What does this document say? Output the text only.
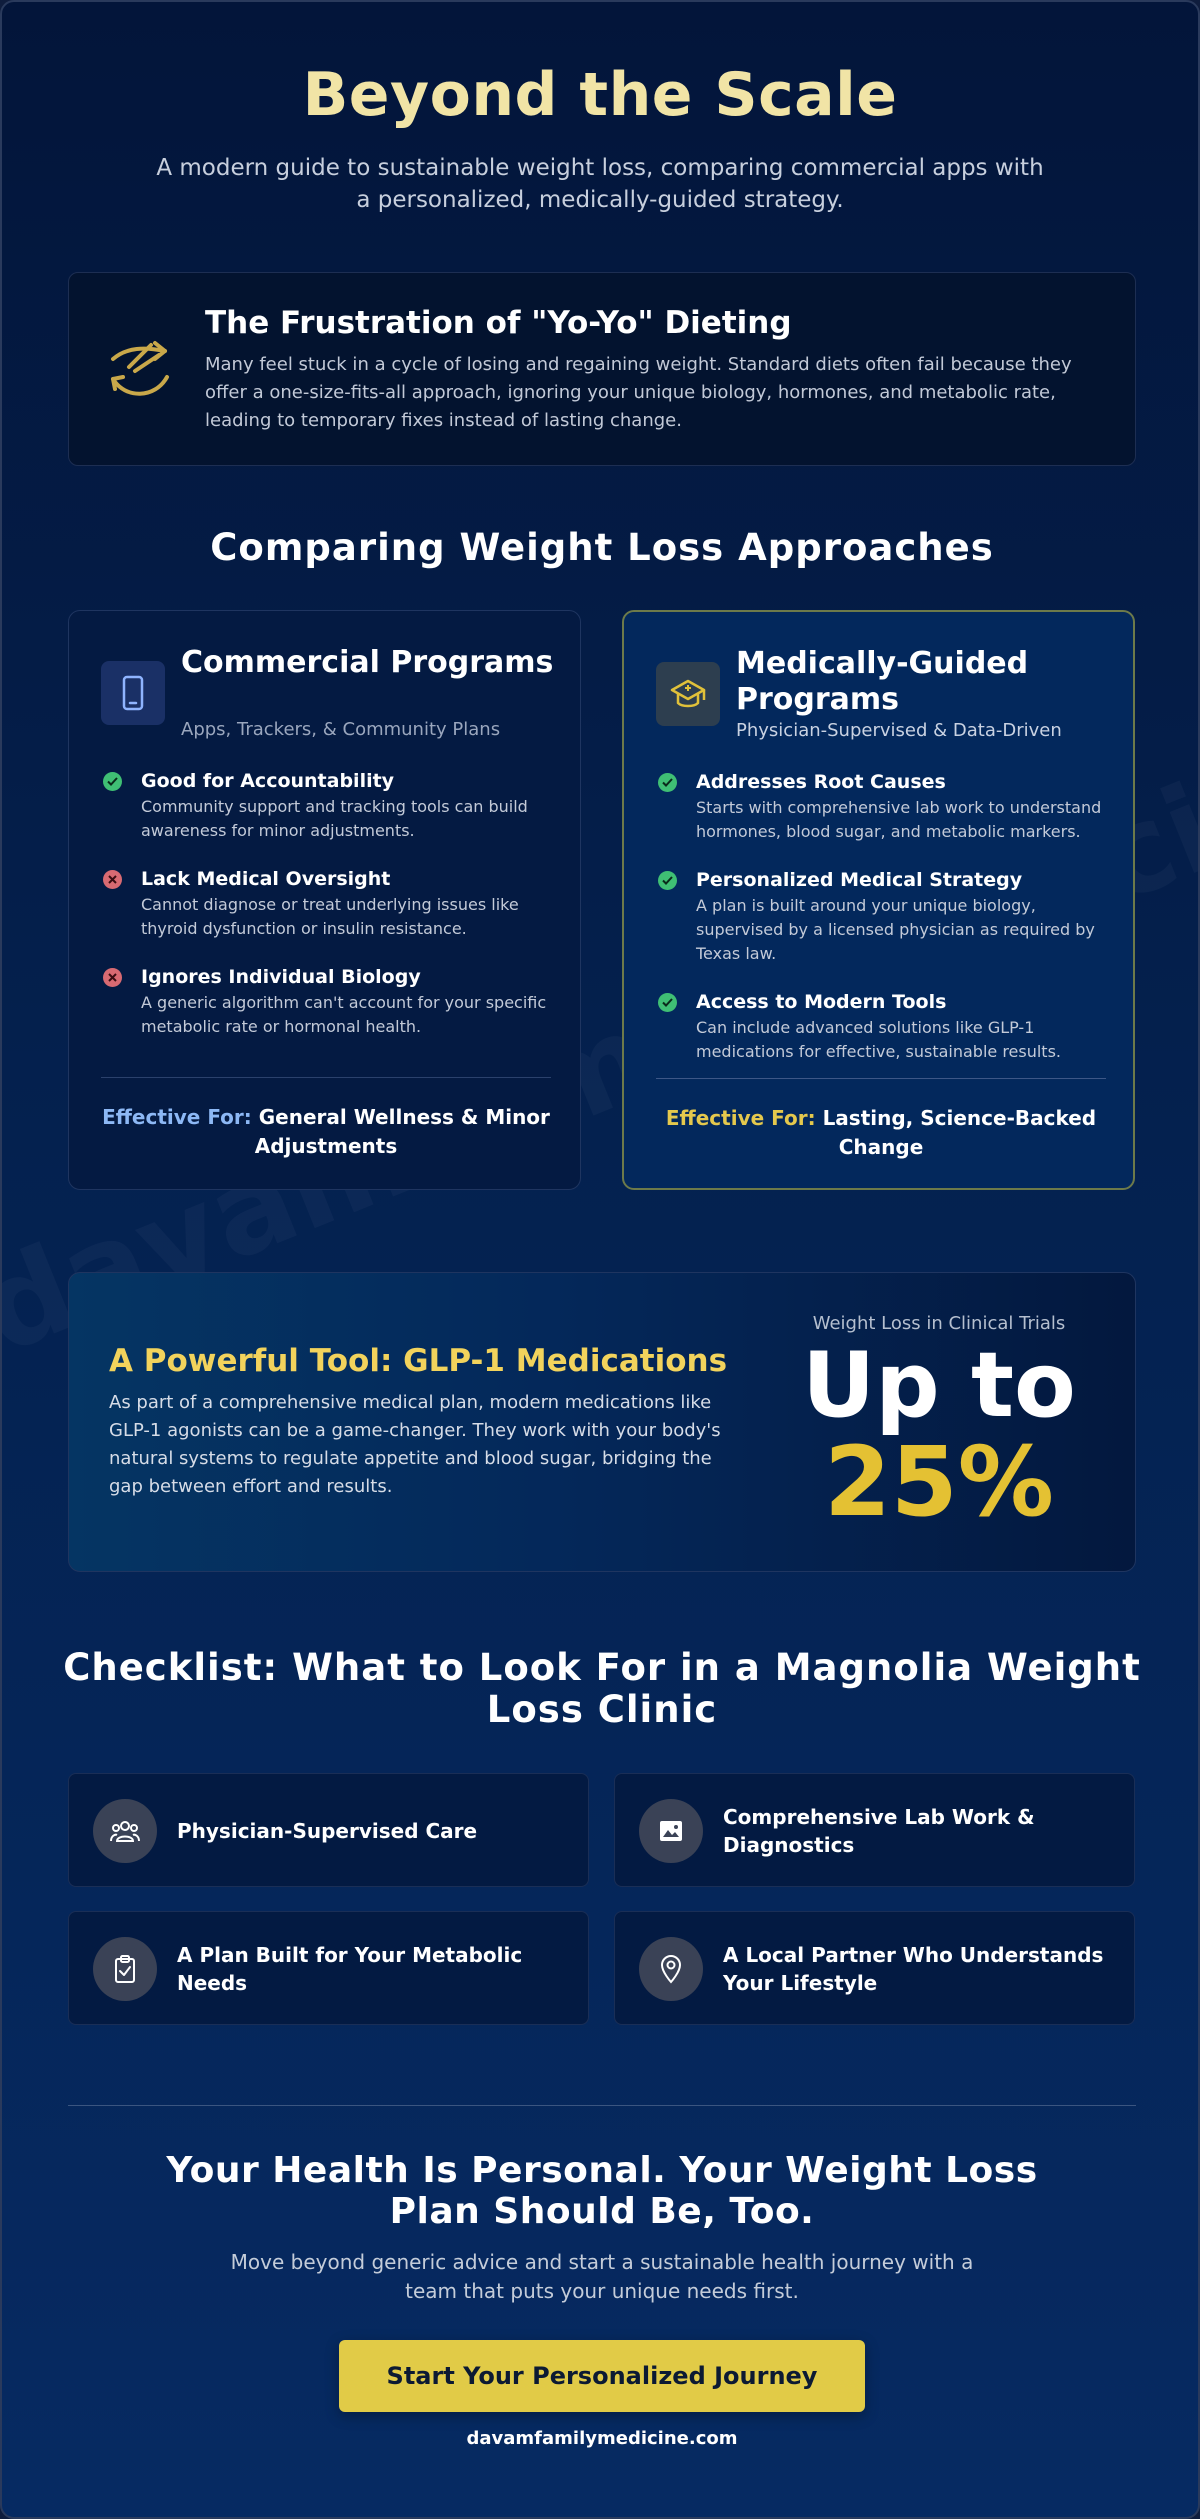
Beyond the Scale

A modern guide to sustainable weight loss, comparing commercial apps with a personalized, medically-guided strategy.

The Frustration of "Yo-Yo" Dieting

Many feel stuck in a cycle of losing and regaining weight. Standard diets often fail because they offer a one-size-fits-all approach, ignoring your unique biology, hormones, and metabolic rate, leading to temporary fixes instead of lasting change.

Comparing Weight Loss Approaches
Commercial Programs
Apps, Trackers, & Community Plans
Good for Accountability
Community support and tracking tools can build awareness for minor adjustments.
Lack Medical Oversight
Cannot diagnose or treat underlying issues like thyroid dysfunction or insulin resistance.
Ignores Individual Biology
A generic algorithm can't account for your specific metabolic rate or hormonal health.
Effective For: General Wellness & Minor Adjustments
Medically-Guided Programs
Physician-Supervised & Data-Driven
Addresses Root Causes
Starts with comprehensive lab work to understand hormones, blood sugar, and metabolic markers.
Personalized Medical Strategy
A plan is built around your unique biology, supervised by a licensed physician as required by Texas law.
Access to Modern Tools
Can include advanced solutions like GLP-1 medications for effective, sustainable results.
Effective For: Lasting, Science-Backed Change
A Powerful Tool: GLP-1 Medications

As part of a comprehensive medical plan, modern medications like GLP-1 agonists can be a game-changer. They work with your body's natural systems to regulate appetite and blood sugar, bridging the gap between effort and results.

Weight Loss in Clinical Trials
Up to
25%
Checklist: What to Look For in a Magnolia Weight Loss Clinic
Physician-Supervised Care
Comprehensive Lab Work & Diagnostics
A Plan Built for Your Metabolic Needs
A Local Partner Who Understands Your Lifestyle
Your Health Is Personal. Your Weight Loss Plan Should Be, Too.

Move beyond generic advice and start a sustainable health journey with a team that puts your unique needs first.

Start Your Personalized Journey
davamfamilymedicine.com
